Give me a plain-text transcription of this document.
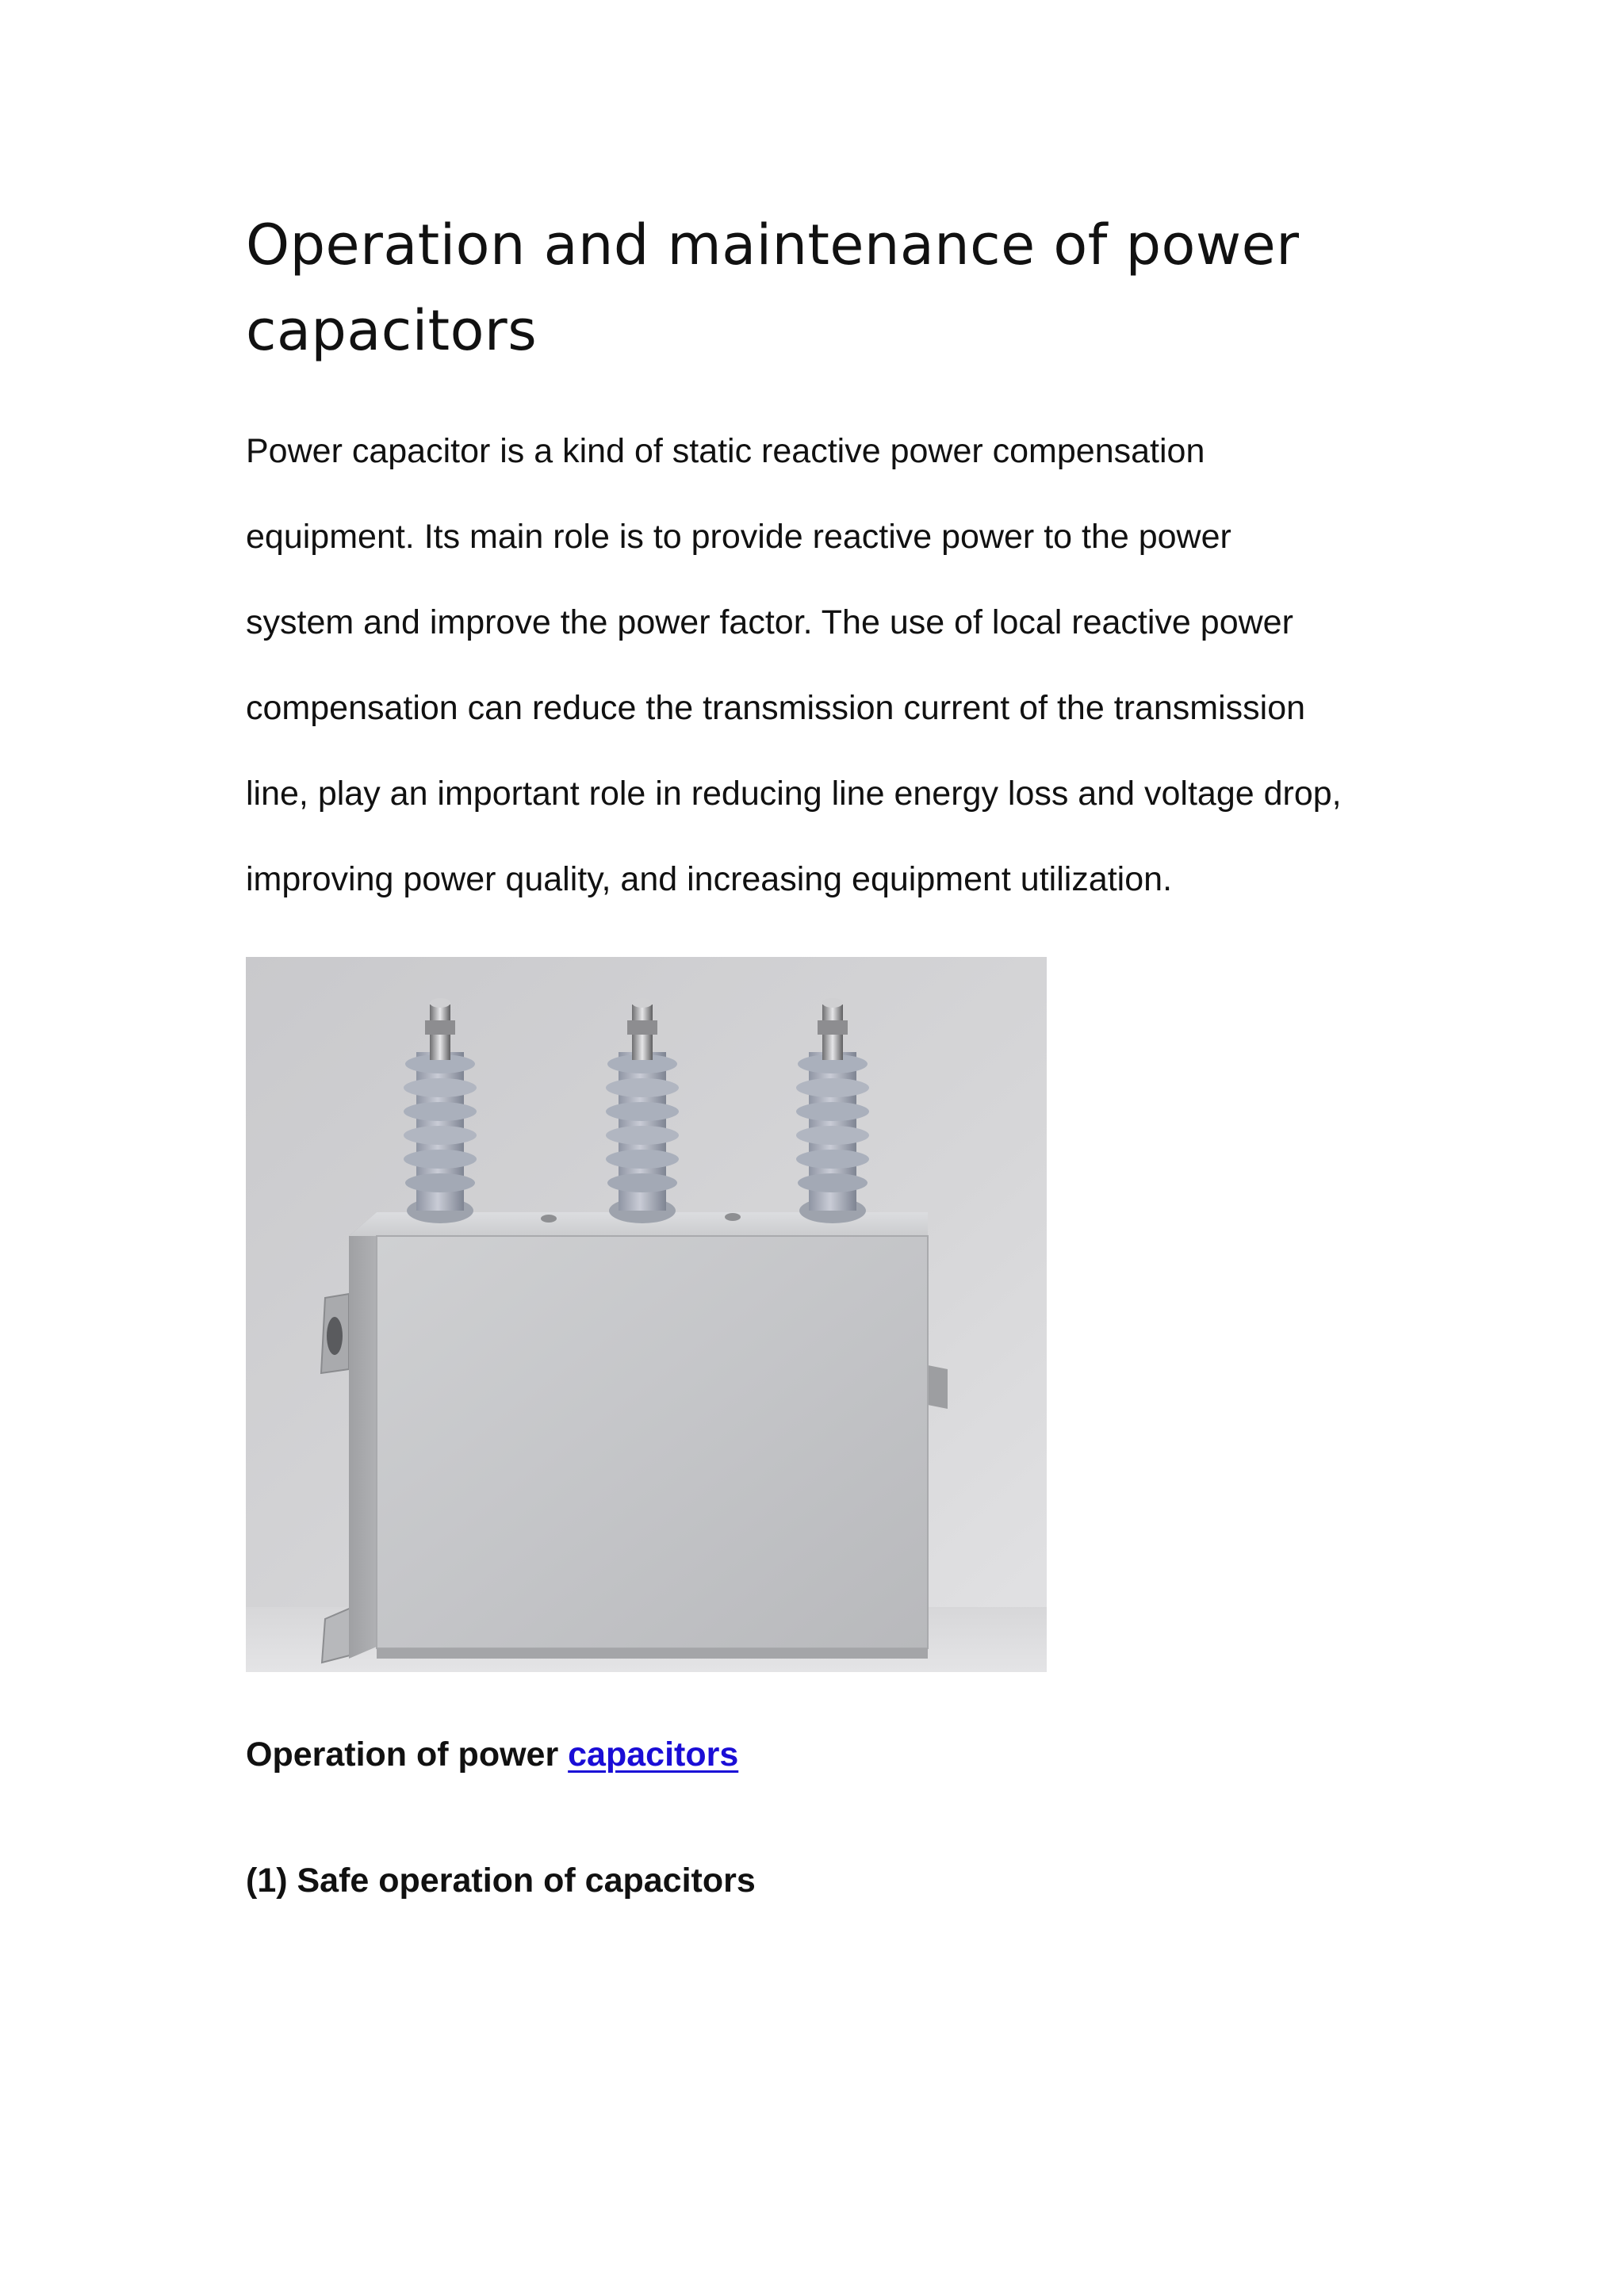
Operation and maintenance of power
capacitors

Power capacitor is a kind of static reactive power compensation
equipment. Its main role is to provide reactive power to the power
system and improve the power factor. The use of local reactive power
compensation can reduce the transmission current of the transmission
line, play an important role in reducing line energy loss and voltage drop,
improving power quality, and increasing equipment utilization.

Operation of power capacitors
(1) Safe operation of capacitors
